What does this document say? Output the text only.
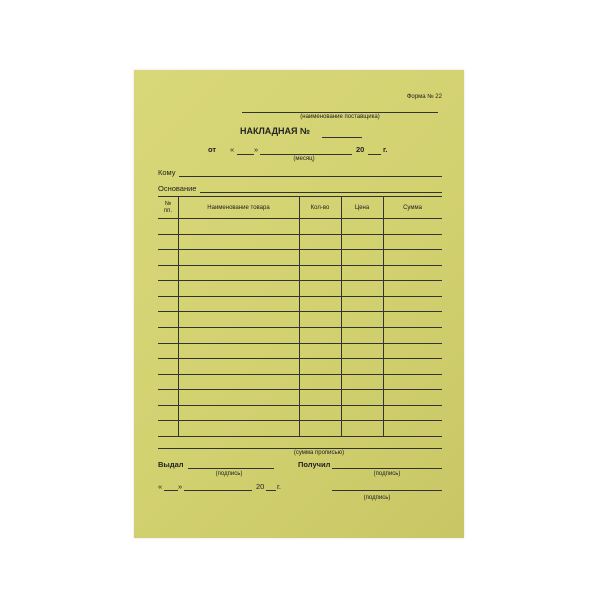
Форма № 22
(наименование поставщика)
НАКЛАДНАЯ №
от «	»	20 г.
(месяц)
Кому
Основание
№
пп.	Наименование товара	Кол-во	Цена	Сумма
(сумма прописью)
Выдал
(подпись)
Получил
(подпись)
« »	20 г.
(подпись)
